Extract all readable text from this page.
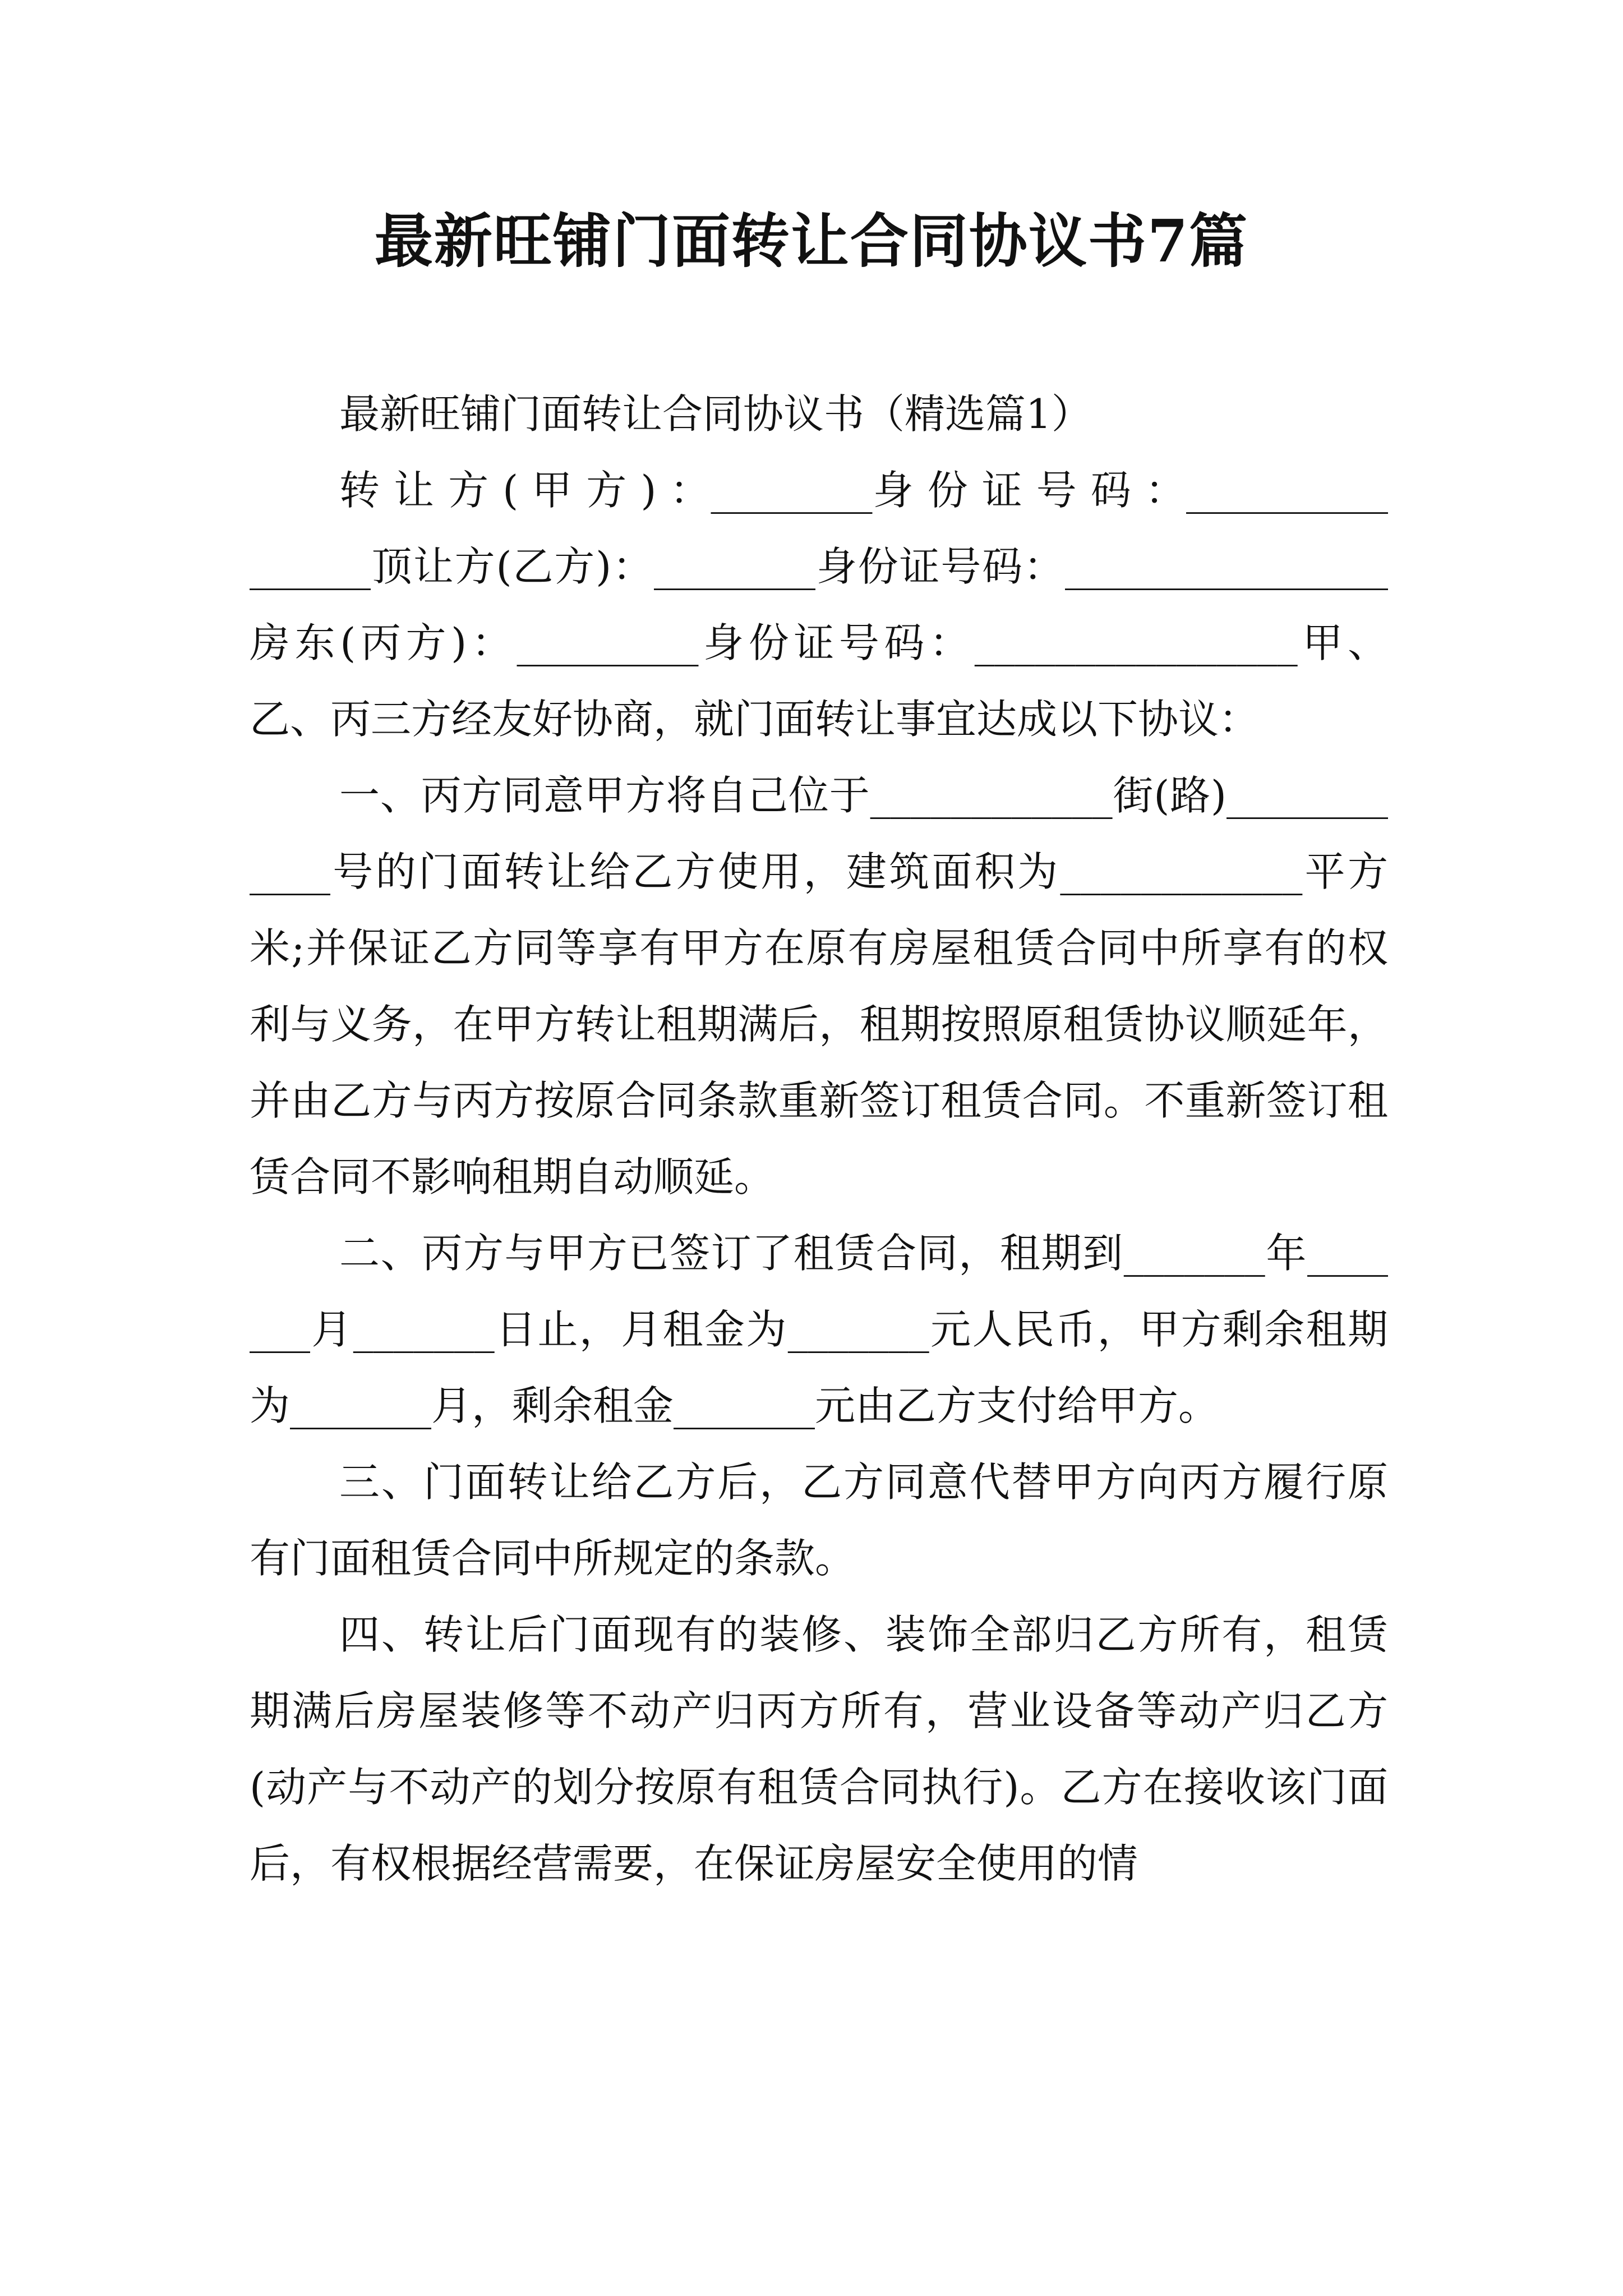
最新旺铺门面转让合同协议书7篇

最新旺铺门面转让合同协议书（精选篇1）

转 让 方 ( 甲 方 ) ：________身 份 证 号 码 ：________________顶让方(乙方)：________身份证号码：________________房东(丙方)：_________身份证号码：________________甲、乙、丙三方经友好协商，就门面转让事宜达成以下协议：

一、丙方同意甲方将自己位于____________街(路)____________号的门面转让给乙方使用，建筑面积为____________平方米;并保证乙方同等享有甲方在原有房屋租赁合同中所享有的权利与义务，在甲方转让租期满后，租期按照原租赁协议顺延年，并由乙方与丙方按原合同条款重新签订租赁合同。不重新签订租赁合同不影响租期自动顺延。

二、丙方与甲方已签订了租赁合同，租期到_______年_______月_______日止，月租金为_______元人民币，甲方剩余租期为_______月，剩余租金_______元由乙方支付给甲方。

三、门面转让给乙方后，乙方同意代替甲方向丙方履行原有门面租赁合同中所规定的条款。

四、转让后门面现有的装修、装饰全部归乙方所有，租赁期满后房屋装修等不动产归丙方所有，营业设备等动产归乙方(动产与不动产的划分按原有租赁合同执行)。乙方在接收该门面后，有权根据经营需要，在保证房屋安全使用的情
